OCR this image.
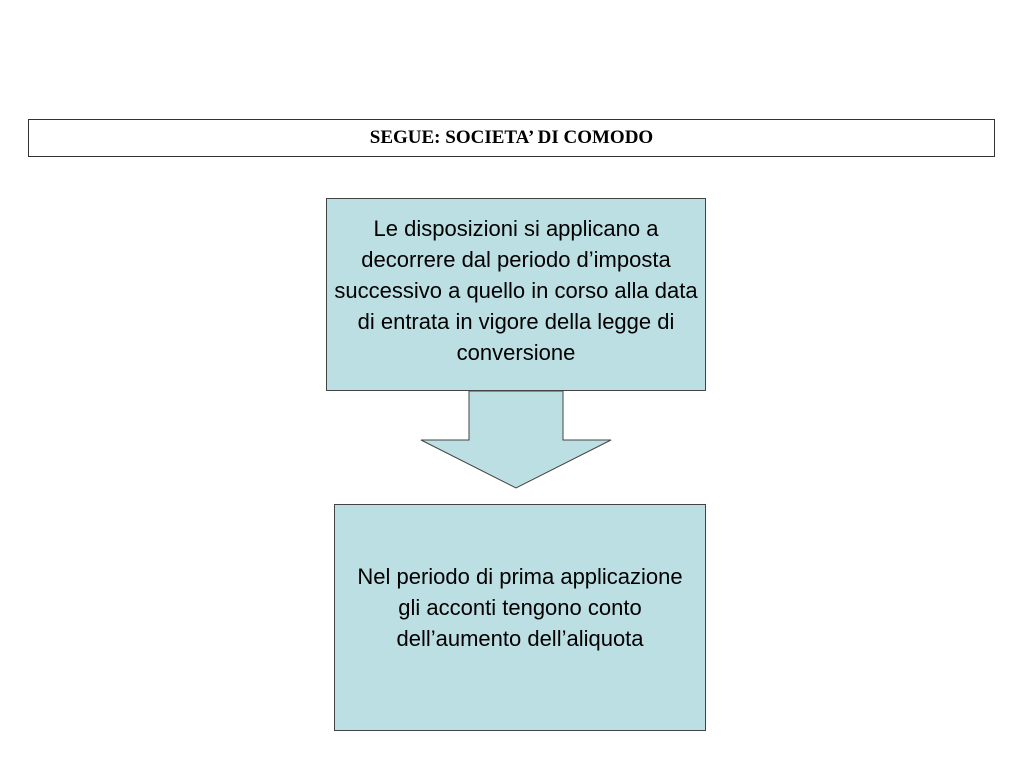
SEGUE: SOCIETA’ DI COMODO
Le disposizioni si applicano a decorrere dal periodo d’imposta successivo a quello in corso alla data di entrata in vigore della legge di conversione
Nel periodo di prima applicazione gli acconti tengono conto dell’aumento dell’aliquota
